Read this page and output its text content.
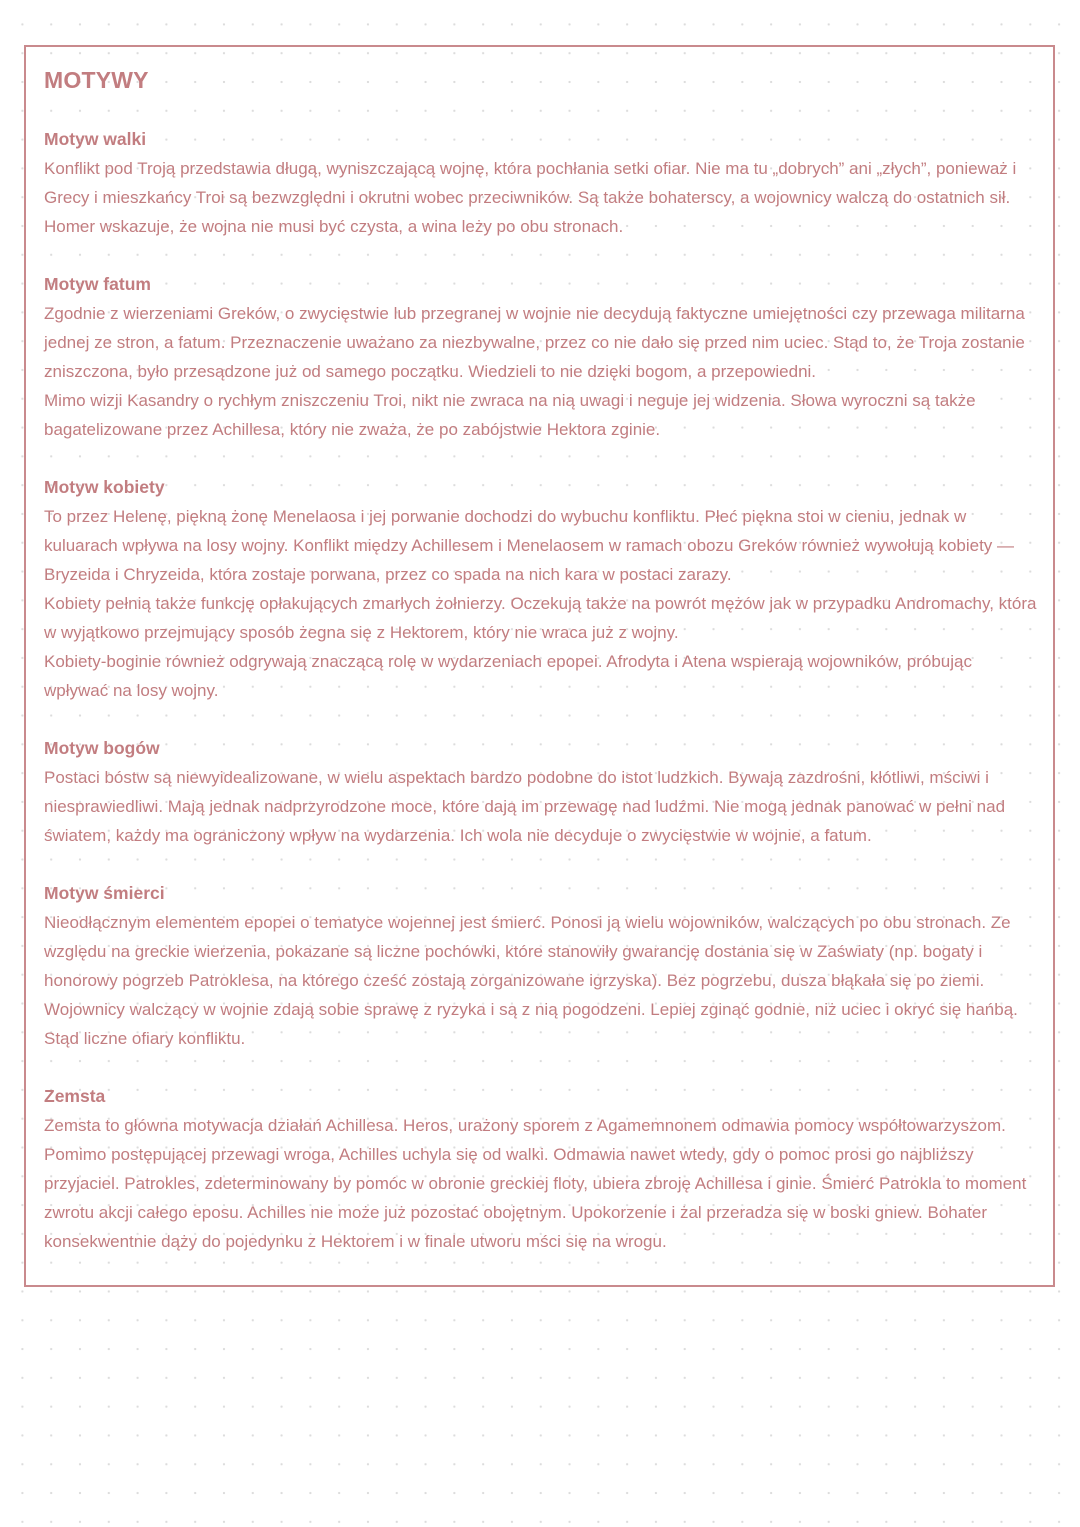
MOTYWY
Motyw walki

Konflikt pod Troją przedstawia długą, wyniszczającą wojnę, która pochłania setki ofiar. Nie ma tu „dobrych” ani „złych”, ponieważ i Grecy i mieszkańcy Troi są bezwzględni i okrutni wobec przeciwników. Są także bohaterscy, a wojownicy walczą do ostatnich sił. Homer wskazuje, że wojna nie musi być czysta, a wina leży po obu stronach.

Motyw fatum

Zgodnie z wierzeniami Greków, o zwycięstwie lub przegranej w wojnie nie decydują faktyczne umiejętności czy przewaga militarna jednej ze stron, a fatum. Przeznaczenie uważano za niezbywalne, przez co nie dało się przed nim uciec. Stąd to, że Troja zostanie zniszczona, było przesądzone już od samego początku. Wiedzieli to nie dzięki bogom, a przepowiedni.

Mimo wizji Kasandry o rychłym zniszczeniu Troi, nikt nie zwraca na nią uwagi i neguje jej widzenia. Słowa wyroczni są także bagatelizowane przez Achillesa, który nie zważa, że po zabójstwie Hektora zginie.

Motyw kobiety

To przez Helenę, piękną żonę Menelaosa i jej porwanie dochodzi do wybuchu konfliktu. Płeć piękna stoi w cieniu, jednak w kuluarach wpływa na losy wojny. Konflikt między Achillesem i Menelaosem w ramach obozu Greków również wywołują kobiety — Bryzeida i Chryzeida, która zostaje porwana, przez co spada na nich kara w postaci zarazy.

Kobiety pełnią także funkcję opłakujących zmarłych żołnierzy. Oczekują także na powrót mężów jak w przypadku Andromachy, która w wyjątkowo przejmujący sposób żegna się z Hektorem, który nie wraca już z wojny.

Kobiety-boginie również odgrywają znaczącą rolę w wydarzeniach epopei. Afrodyta i Atena wspierają wojowników, próbując wpływać na losy wojny.

Motyw bogów

Postaci bóstw są niewyidealizowane, w wielu aspektach bardzo podobne do istot ludzkich. Bywają zazdrośni, kłótliwi, mściwi i niesprawiedliwi. Mają jednak nadprzyrodzone moce, które dają im przewagę nad ludźmi. Nie mogą jednak panować w pełni nad światem, każdy ma ograniczony wpływ na wydarzenia. Ich wola nie decyduje o zwycięstwie w wojnie, a fatum.

Motyw śmierci

Nieodłącznym elementem epopei o tematyce wojennej jest śmierć. Ponosi ją wielu wojowników, walczących po obu stronach. Ze względu na greckie wierzenia, pokazane są liczne pochówki, które stanowiły gwarancję dostania się w Zaświaty (np. bogaty i honorowy pogrzeb Patroklesa, na którego cześć zostają zorganizowane igrzyska). Bez pogrzebu, dusza błąkała się po ziemi. Wojownicy walczący w wojnie zdają sobie sprawę z ryzyka i są z nią pogodzeni. Lepiej zginąć godnie, niż uciec i okryć się hańbą. Stąd liczne ofiary konfliktu.

Zemsta

Zemsta to główna motywacja działań Achillesa. Heros, urażony sporem z Agamemnonem odmawia pomocy współtowarzyszom. Pomimo postępującej przewagi wroga, Achilles uchyla się od walki. Odmawia nawet wtedy, gdy o pomoc prosi go najbliższy przyjaciel. Patrokles, zdeterminowany by pomóc w obronie greckiej floty, ubiera zbroję Achillesa i ginie. Śmierć Patrokla to moment zwrotu akcji całego eposu. Achilles nie może już pozostać obojętnym. Upokorzenie i żal przeradza się w boski gniew. Bohater konsekwentnie dąży do pojedynku z Hektorem i w finale utworu mści się na wrogu.
